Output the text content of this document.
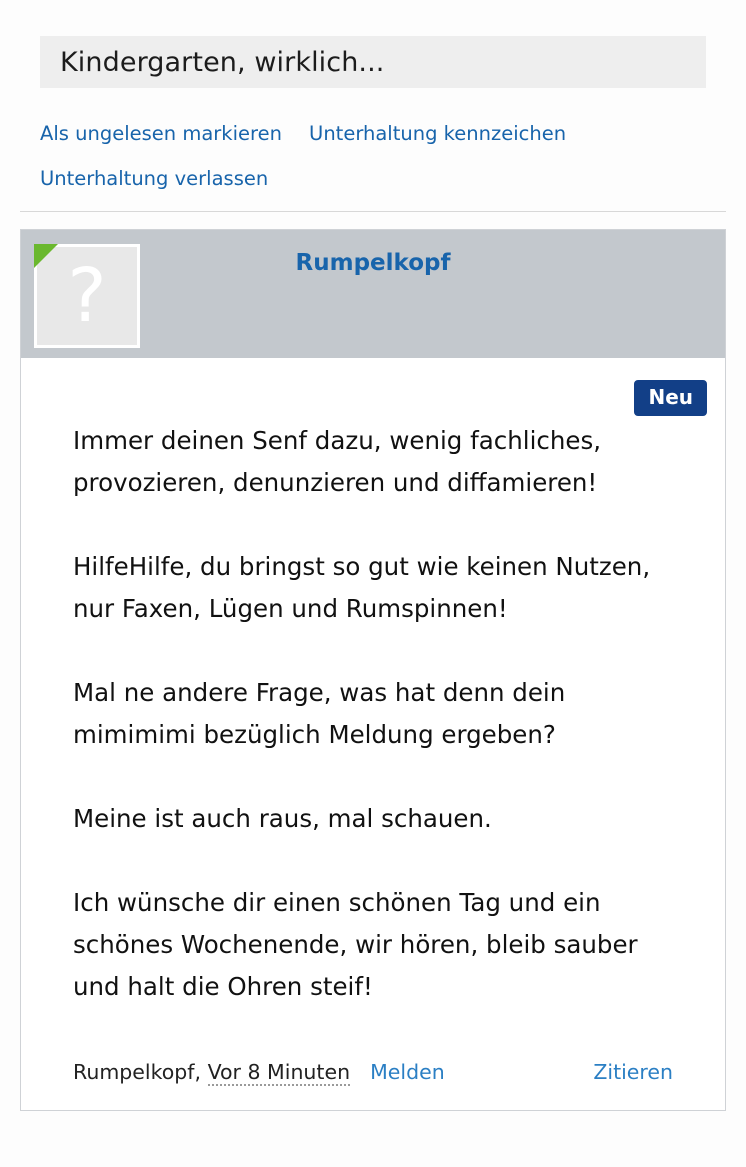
Kindergarten, wirklich...
Als ungelesen markieren Unterhaltung kennzeichen
Unterhaltung verlassen
?	Rumpelkopf
Neu

Immer deinen Senf dazu, wenig fachliches, provozieren, denunzieren und diffamieren!

HilfeHilfe, du bringst so gut wie keinen Nutzen, nur Faxen, Lügen und Rumspinnen!

Mal ne andere Frage, was hat denn dein mimimimi bezüglich Meldung ergeben?

Meine ist auch raus, mal schauen.

Ich wünsche dir einen schönen Tag und ein schönes Wochenende, wir hören, bleib sauber und halt die Ohren steif!

Rumpelkopf, Vor 8 Minuten Melden	Zitieren
